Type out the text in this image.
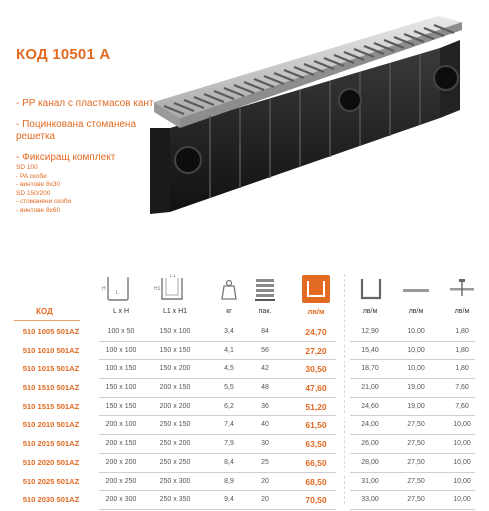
КОД 10501 А
- PP канал с пластмасов кант
- Поцинкована стоманена решетка
- Фиксиращ комплект
SD 100
- PA скоби
- винтове 8x30
SD 150/200
- стоманени скоби
- винтове 8x60
H
L
H1
L1
КОД	L x H	L1 x H1	кг	пак.	лв/м	лв/м	лв/м	лв/м
510 1005 501AZ	100 x 50	150 x 100	3,4	84	24,70	12,90	10,00	1,80
510 1010 501AZ	100 x 100	150 x 150	4,1	56	27,20	15,40	10,00	1,80
510 1015 501AZ	100 x 150	150 x 200	4,5	42	30,50	18,70	10,00	1,80
510 1510 501AZ	150 x 100	200 x 150	5,5	48	47,60	21,00	19,00	7,60
510 1515 501AZ	150 x 150	200 x 200	6,2	36	51,20	24,60	19,00	7,60
510 2010 501AZ	200 x 100	250 x 150	7,4	40	61,50	24,00	27,50	10,00
510 2015 501AZ	200 x 150	250 x 200	7,9	30	63,50	26,00	27,50	10,00
510 2020 501AZ	200 x 200	250 x 250	8,4	25	66,50	28,00	27,50	10,00
510 2025 501AZ	200 x 250	250 x 300	8,9	20	68,50	31,00	27,50	10,00
510 2030 501AZ	200 x 300	250 x 350	9,4	20	70,50	33,00	27,50	10,00
